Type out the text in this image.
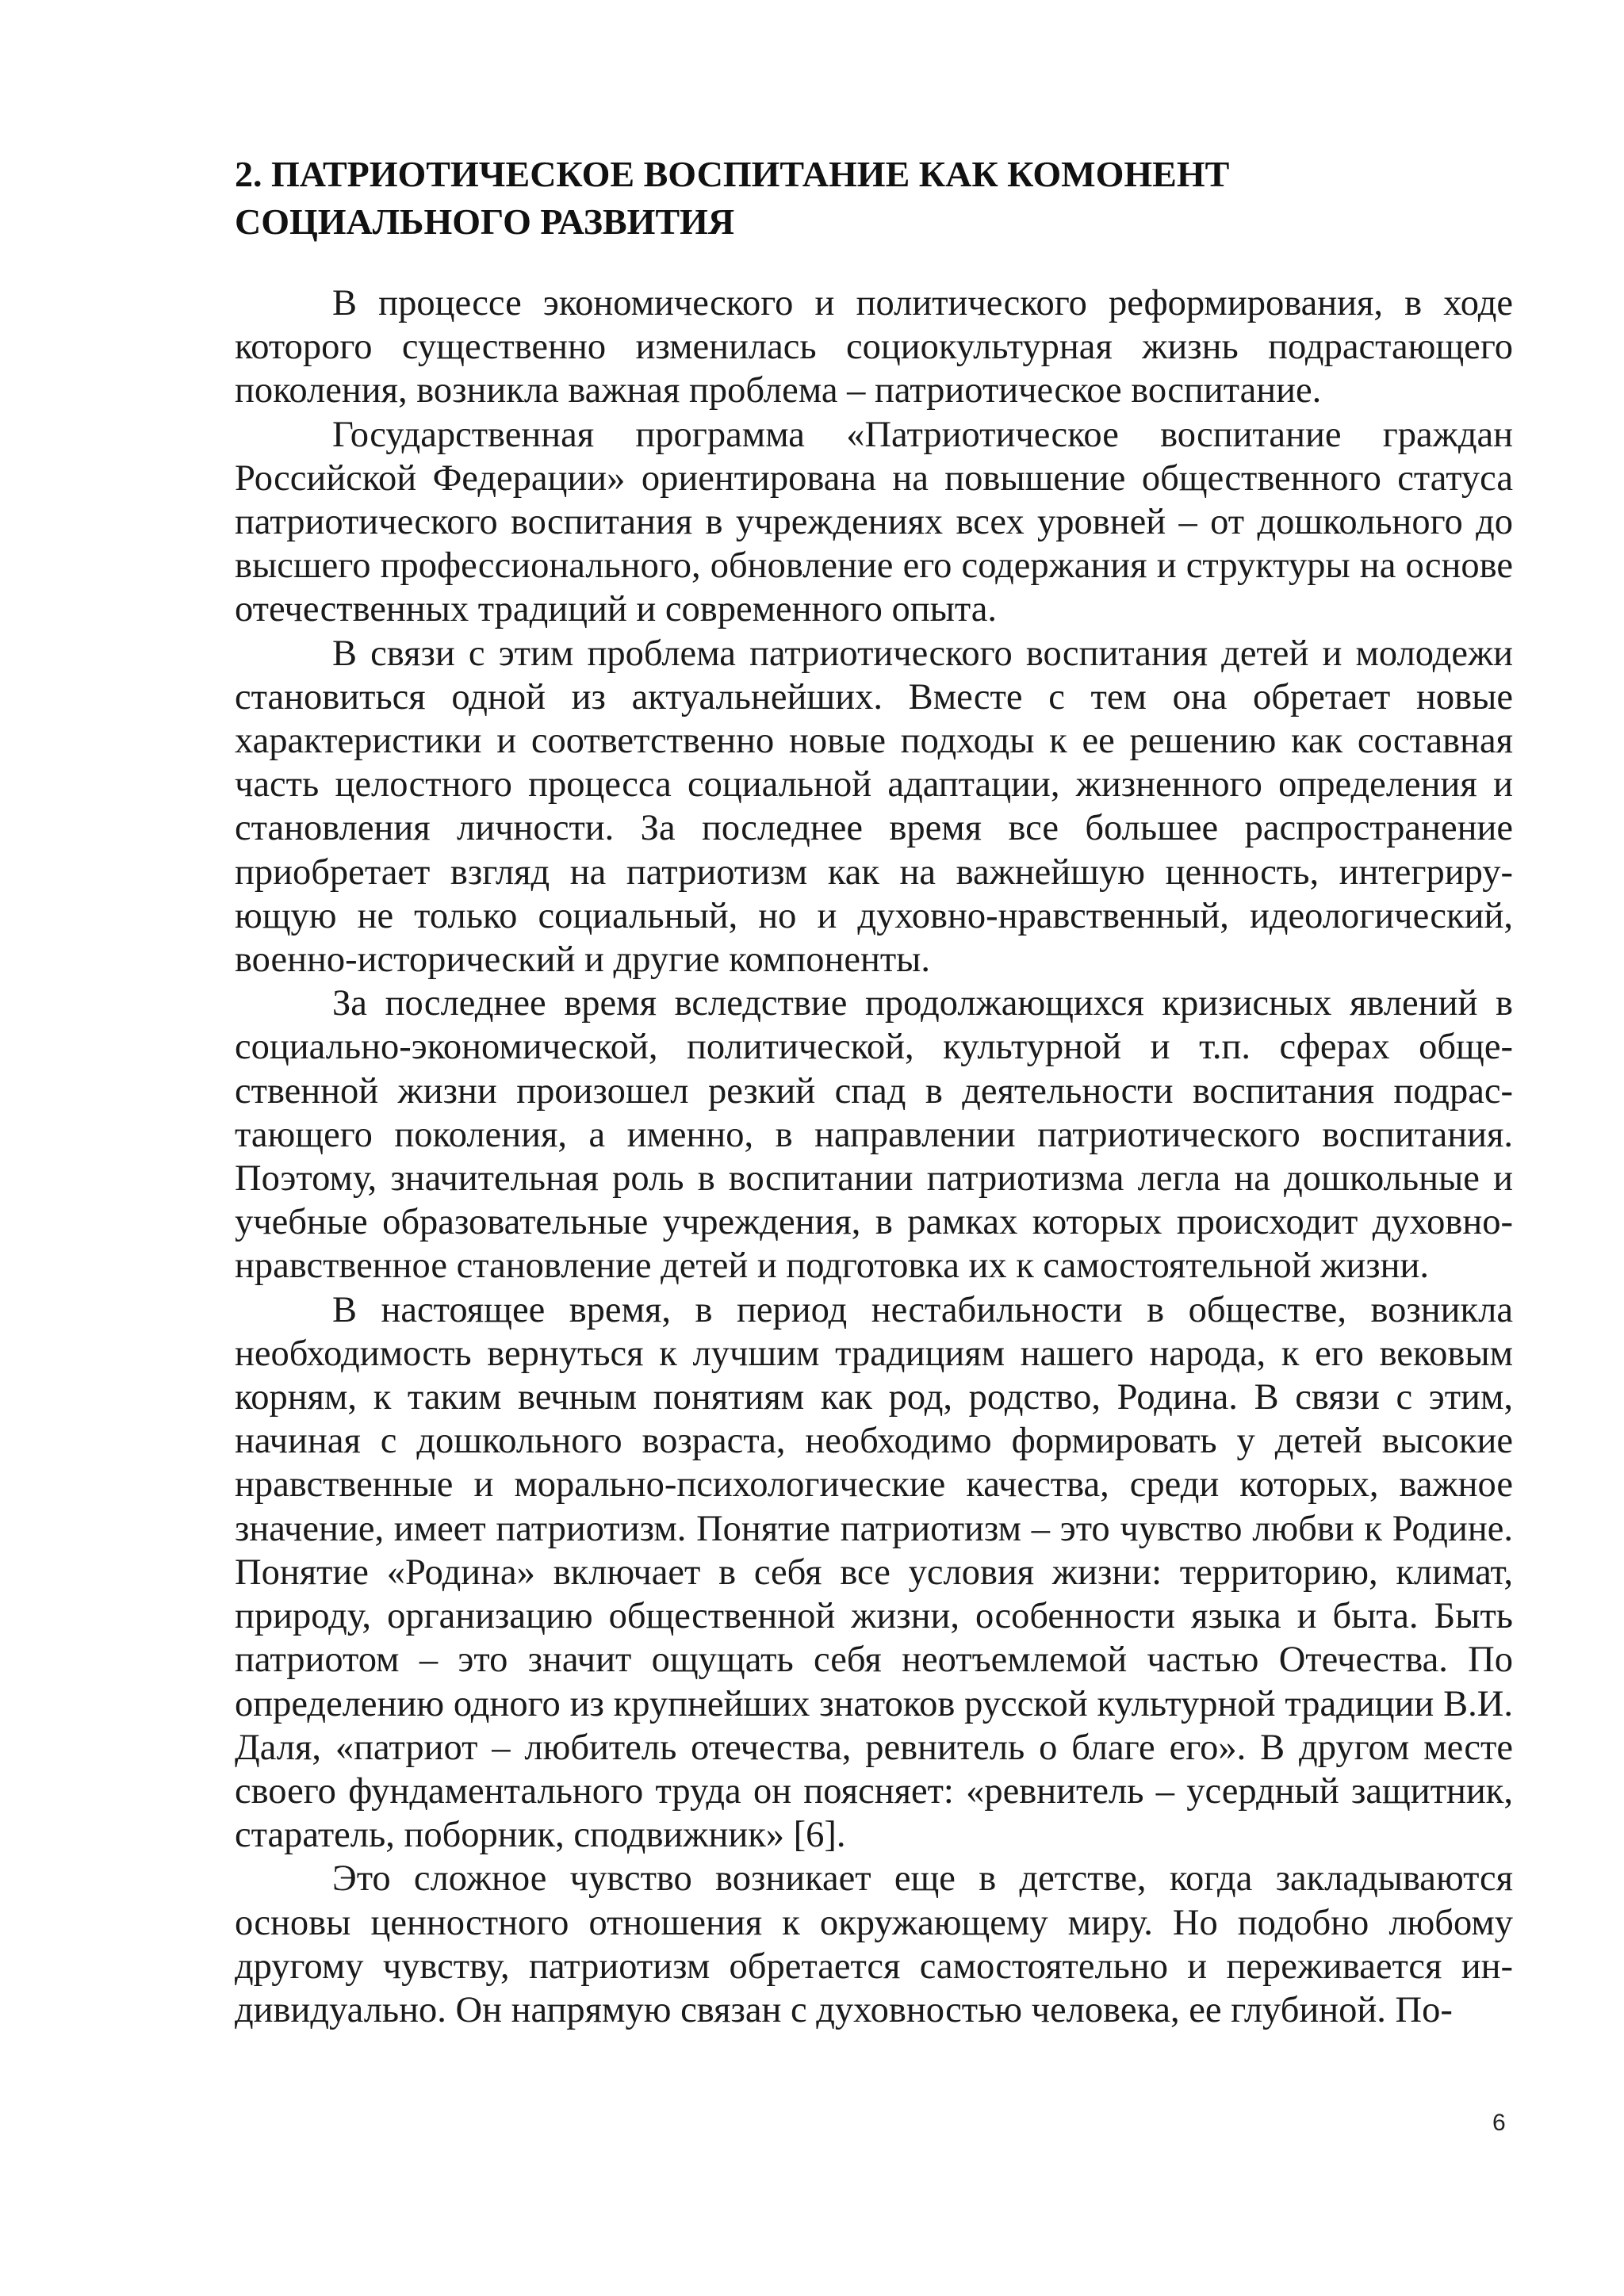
2. ПАТРИОТИЧЕСКОЕ ВОСПИТАНИЕ КАК КОМОНЕНТ
СОЦИАЛЬНОГО РАЗВИТИЯ

В процессе экономического и политического реформирования, в ходе которого существенно изменилась социокультурная жизнь подрастающего поколения, возникла важная проблема – патриотическое воспитание.

Государственная программа «Патриотическое воспитание граждан Российской Федерации» ориентирована на повышение общественного статуса патриотического воспитания в учреждениях всех уровней – от дошкольного до высшего профессионального, обновление его содержания и структуры на основе отечественных традиций и современного опыта.

В связи с этим проблема патриотического воспитания детей и молодежи становиться одной из актуальнейших. Вместе с тем она обретает новые характеристики и соответственно новые подходы к ее решению как составная часть целостного процесса социальной адаптации, жизненного определения и становления личности. За последнее время все большее распространение приобретает взгляд на патриотизм как на важнейшую ценность, интегрирующую не только социальный, но и духовно-нравственный, идеологический, военно-исторический и другие компоненты.

За последнее время вследствие продолжающихся кризисных явлений в социально-экономической, политической, культурной и т.п. сферах общественной жизни произошел резкий спад в деятельности воспитания подрастающего поколения, а именно, в направлении патриотического воспитания. Поэтому, значительная роль в воспитании патриотизма легла на дошкольные и учебные образовательные учреждения, в рамках которых происходит духовно-нравственное становление детей и подготовка их к самостоятельной жизни.

В настоящее время, в период нестабильности в обществе, возникла необходимость вернуться к лучшим традициям нашего народа, к его вековым корням, к таким вечным понятиям как род, родство, Родина. В связи с этим, начиная с дошкольного возраста, необходимо формировать у детей высокие нравственные и морально-психологические качества, среди которых, важное значение, имеет патриотизм. Понятие патриотизм – это чувство любви к Родине. Понятие «Родина» включает в себя все условия жизни: территорию, климат, природу, организацию общественной жизни, особенности языка и быта. Быть патриотом – это значит ощущать себя неотъемлемой частью Отечества. По определению одного из крупнейших знатоков русской культурной традиции В.И. Даля, «патриот – любитель отечества, ревнитель о благе его». В другом месте своего фундаментального труда он поясняет: «ревнитель – усердный защитник, старатель, поборник, сподвижник» [6].

Это сложное чувство возникает еще в детстве, когда закладываются основы ценностного отношения к окружающему миру. Но подобно любому другому чувству, патриотизм обретается самостоятельно и переживается индивидуально. Он напрямую связан с духовностью человека, ее глубиной. По-

6
